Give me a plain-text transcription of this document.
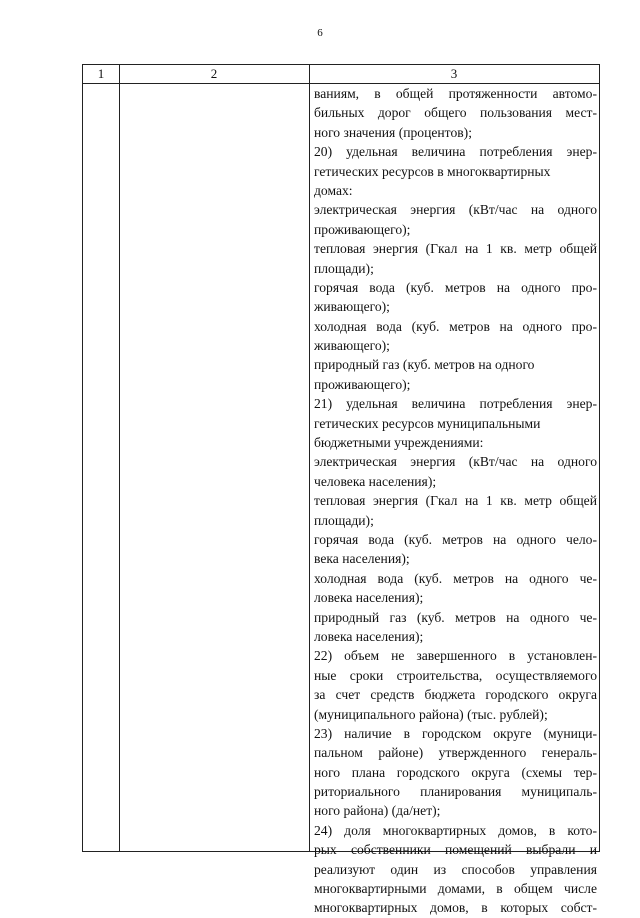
6
1	2	3
ваниям, в общей протяженности автомо-
бильных дорог общего пользования мест-
ного значения (процентов);
20) удельная величина потребления энер-
гетических ресурсов в многоквартирных
домах:
электрическая энергия (кВт/час на одного
проживающего);
тепловая энергия (Гкал на 1 кв. метр общей
площади);
горячая вода (куб. метров на одного про-
живающего);
холодная вода (куб. метров на одного про-
живающего);
природный газ (куб. метров на одного
проживающего);
21) удельная величина потребления энер-
гетических ресурсов муниципальными
бюджетными учреждениями:
электрическая энергия (кВт/час на одного
человека населения);
тепловая энергия (Гкал на 1 кв. метр общей
площади);
горячая вода (куб. метров на одного чело-
века населения);
холодная вода (куб. метров на одного че-
ловека населения);
природный газ (куб. метров на одного че-
ловека населения);
22) объем не завершенного в установлен-
ные сроки строительства, осуществляемого
за счет средств бюджета городского округа
(муниципального района) (тыс. рублей);
23) наличие в городском округе (муници-
пальном районе) утвержденного генераль-
ного плана городского округа (схемы тер-
риториального планирования муниципаль-
ного района) (да/нет);
24) доля многоквартирных домов, в кото-
рых собственники помещений выбрали и
реализуют один из способов управления
многоквартирными домами, в общем числе
многоквартирных домов, в которых собст-
